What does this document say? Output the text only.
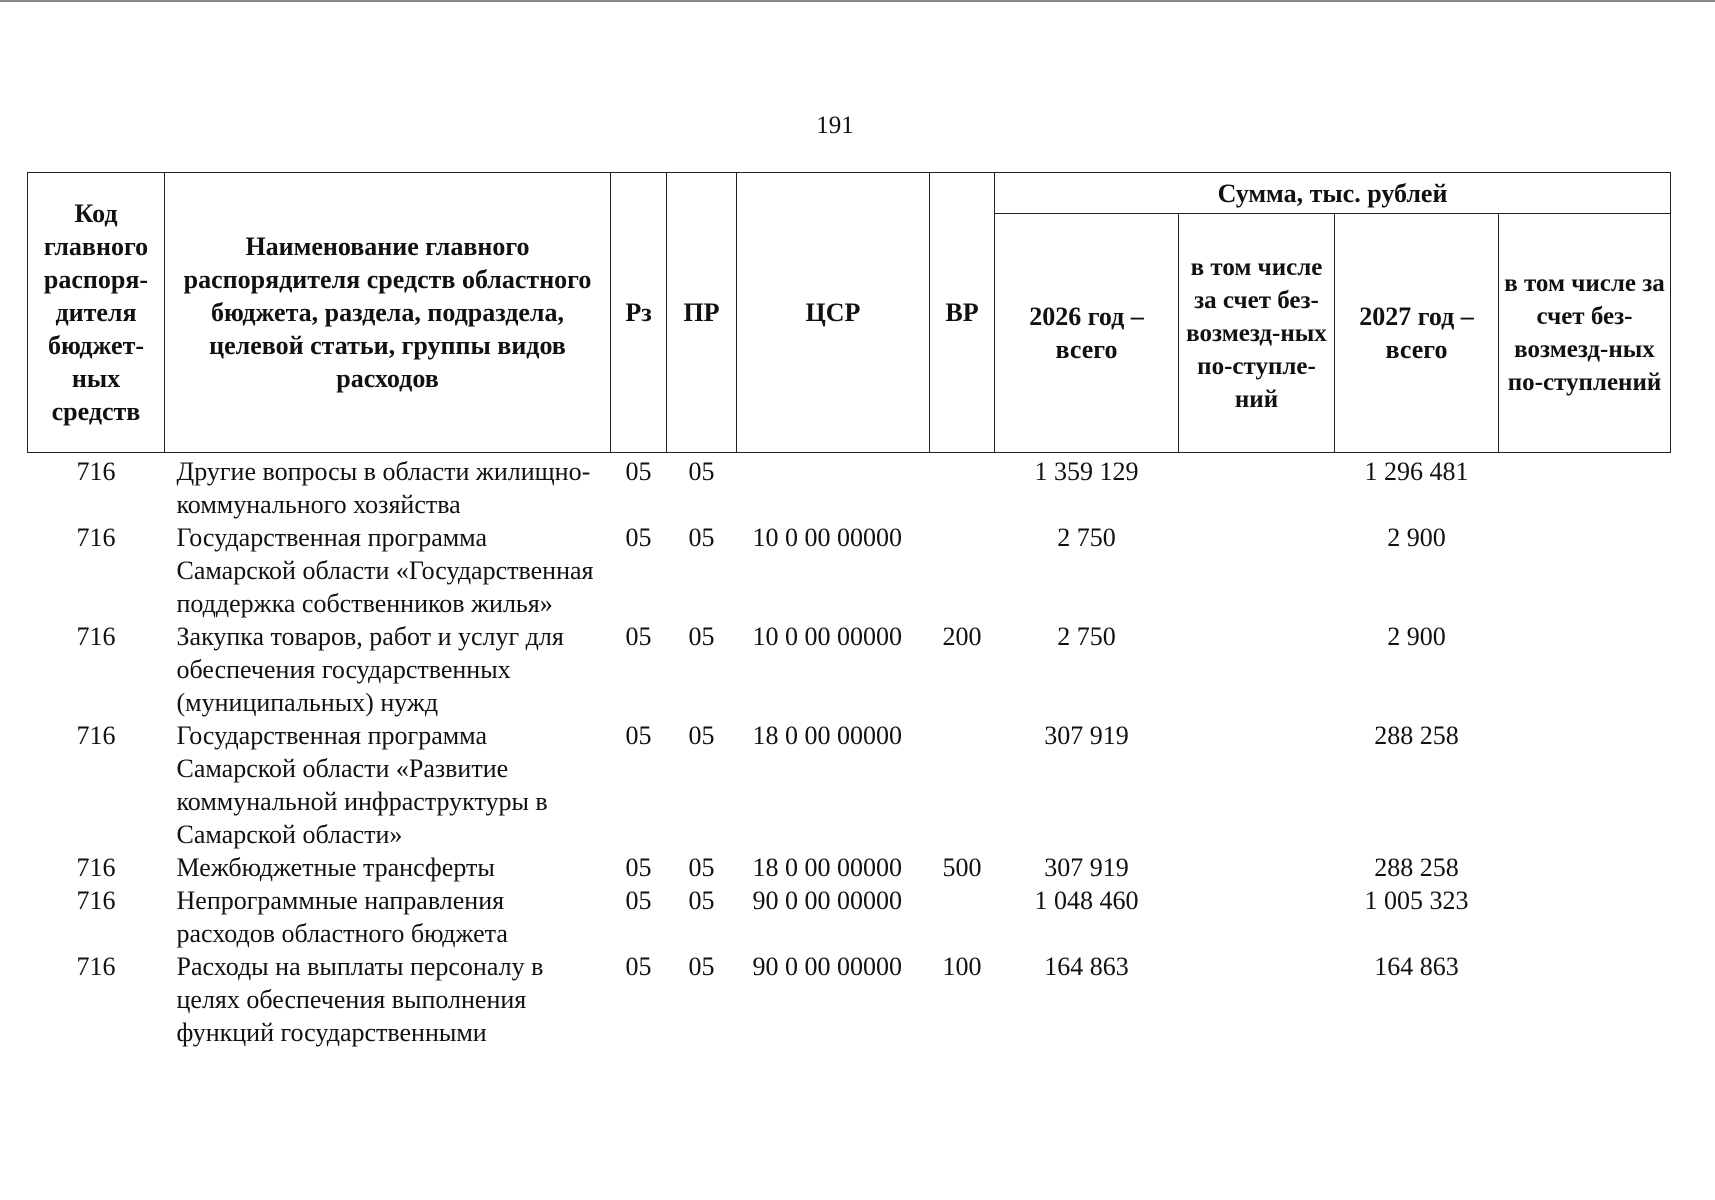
191
Код главного распоря-дителя бюджет-ных средств	Наименование главного распорядителя средств областного бюджета, раздела, подраздела, целевой статьи, группы видов расходов	Рз	ПР	ЦСР	ВР	Сумма, тыс. рублей			
						2026 год – всего	в том числе за счет без-возмезд-ных по-ступле-ний	2027 год – всего	в том числе за счет без-возмезд-ных по-ступлений
716	Другие вопросы в области жилищно-коммунального хозяйства	05	05			1 359 129		1 296 481	
716	Государственная программа Самарской области «Государственная поддержка собственников жилья»	05	05	10 0 00 00000		2 750		2 900	
716	Закупка товаров, работ и услуг для обеспечения государственных (муниципальных) нужд	05	05	10 0 00 00000	200	2 750		2 900	
716	Государственная программа Самарской области «Развитие коммунальной инфраструктуры в Самарской области»	05	05	18 0 00 00000		307 919		288 258	
716	Межбюджетные трансферты	05	05	18 0 00 00000	500	307 919		288 258	
716	Непрограммные направления расходов областного бюджета	05	05	90 0 00 00000		1 048 460		1 005 323	
716	Расходы на выплаты персоналу в целях обеспечения выполнения функций государственными	05	05	90 0 00 00000	100	164 863		164 863	
